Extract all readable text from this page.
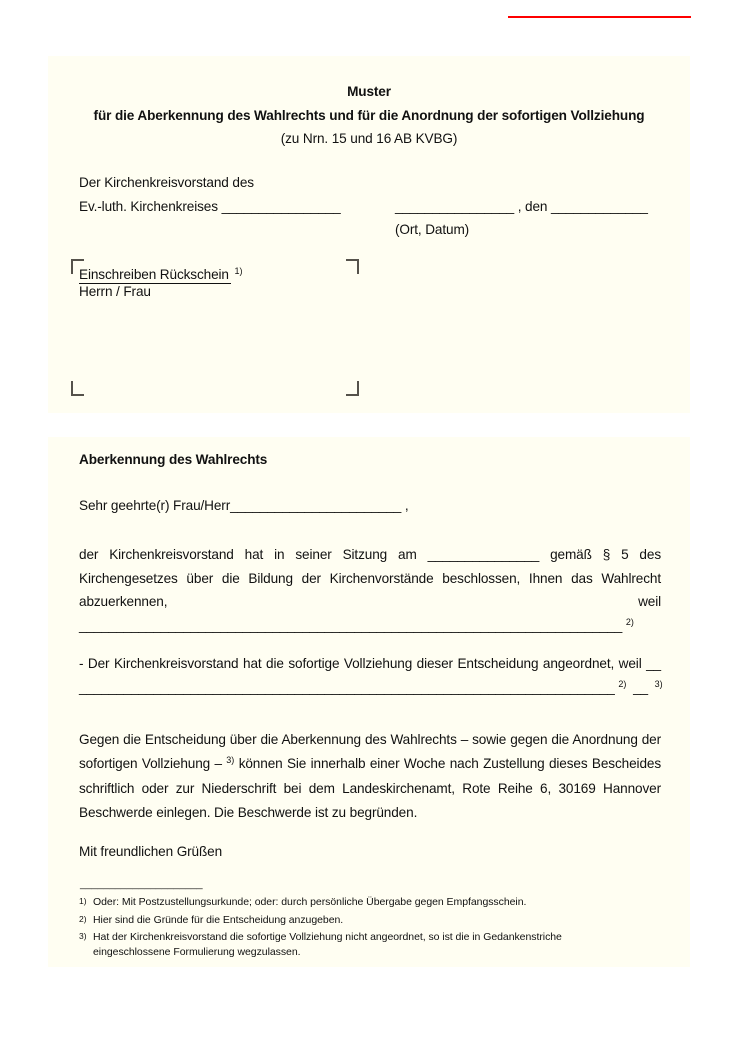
Muster
für die Aberkennung des Wahlrechts und für die Anordnung der sofortigen Vollziehung
(zu Nrn. 15 und 16 AB KVBG)
Der Kirchenkreisvorstand des
Ev.-luth. Kirchenkreises ________________	________________ , den _____________
(Ort, Datum)
Einschreiben Rückschein $^{1)}$
Herrn / Frau
Aberkennung des Wahlrechts
Sehr geehrte(r) Frau/Herr_______________________ ,
der Kirchenkreisvorstand hat in seiner Sitzung am _______________ gemäß § 5 des
Kirchengesetzes über die Bildung der Kirchenvorstände beschlossen, Ihnen das Wahlrecht
abzuerkennen,	weil
_________________________________________________________________________ $^{2)}$
- Der Kirchenkreisvorstand hat die sofortige Vollziehung dieser Entscheidung angeordnet, weil __
________________________________________________________________________ $^{2)}$ __ $^{3)}$
Gegen die Entscheidung über die Aberkennung des Wahlrechts – sowie gegen die Anordnung der sofortigen Vollziehung – $^{3)}$ können Sie innerhalb einer Woche nach Zustellung dieses Bescheides schriftlich oder zur Niederschrift bei dem Landeskirchenamt, Rote Reihe 6, 30169 Hannover Beschwerde einlegen. Die Beschwerde ist zu begründen.
Mit freundlichen Grüßen
_____________________
1) Oder: Mit Postzustellungsurkunde; oder: durch persönliche Übergabe gegen Empfangsschein.
2) Hier sind die Gründe für die Entscheidung anzugeben.
3) Hat der Kirchenkreisvorstand die sofortige Vollziehung nicht angeordnet, so ist die in Gedankenstriche eingeschlossene Formulierung wegzulassen.
